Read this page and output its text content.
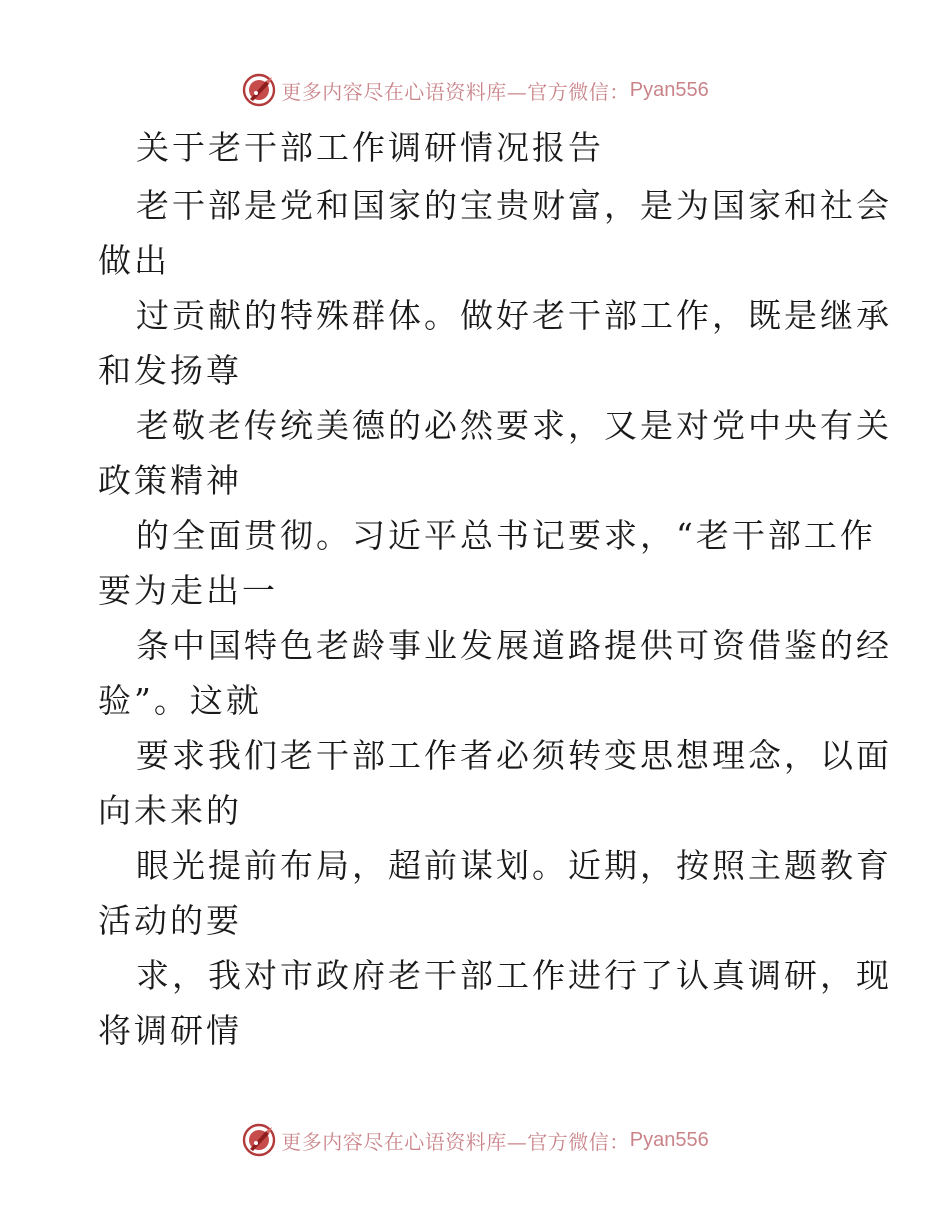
更多内容尽在心语资料库— 官方微信： Pyan556
关于老干部工作调研情况报告
老干部是党和国家的宝贵财富，是为国家和社会
做出
过贡献的特殊群体。做好老干部工作，既是继承
和发扬尊
老敬老传统美德的必然要求，又是对党中央有关
政策精神
的全面贯彻。习近平总书记要求，“老干部工作
要为走出一
条中国特色老龄事业发展道路提供可资借鉴的经
验”。这就
要求我们老干部工作者必须转变思想理念，以面
向未来的
眼光提前布局，超前谋划。近期，按照主题教育
活动的要
求，我对市政府老干部工作进行了认真调研，现
将调研情
更多内容尽在心语资料库— 官方微信： Pyan556
